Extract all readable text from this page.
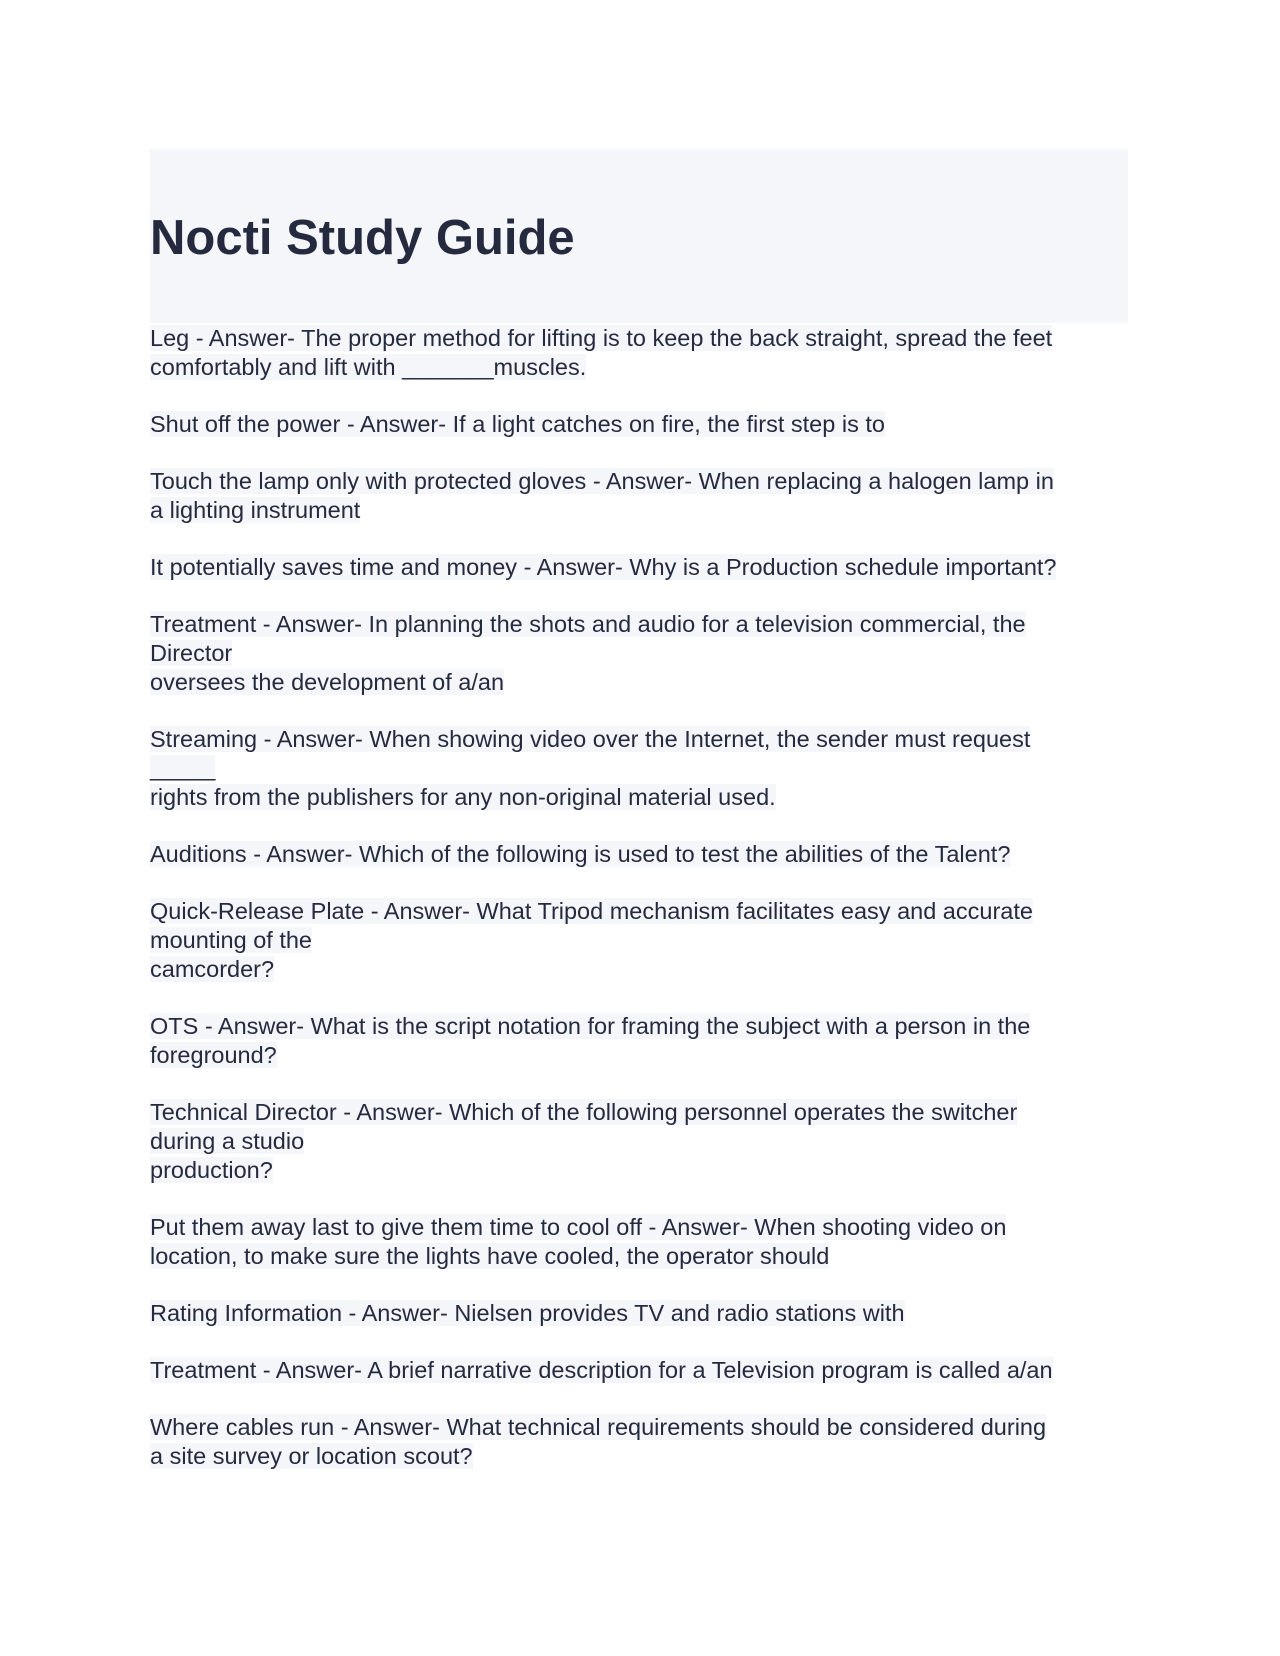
Nocti Study Guide
Leg - Answer- The proper method for lifting is to keep the back straight, spread the feet
comfortably and lift with _______muscles.
Shut off the power - Answer- If a light catches on fire, the first step is to
Touch the lamp only with protected gloves - Answer- When replacing a halogen lamp in
a lighting instrument
It potentially saves time and money - Answer- Why is a Production schedule important?
Treatment - Answer- In planning the shots and audio for a television commercial, the
Director
oversees the development of a/an
Streaming - Answer- When showing video over the Internet, the sender must request
_____
rights from the publishers for any non-original material used.
Auditions - Answer- Which of the following is used to test the abilities of the Talent?
Quick-Release Plate - Answer- What Tripod mechanism facilitates easy and accurate
mounting of the
camcorder?
OTS - Answer- What is the script notation for framing the subject with a person in the
foreground?
Technical Director - Answer- Which of the following personnel operates the switcher
during a studio
production?
Put them away last to give them time to cool off - Answer- When shooting video on
location, to make sure the lights have cooled, the operator should
Rating Information - Answer- Nielsen provides TV and radio stations with
Treatment - Answer- A brief narrative description for a Television program is called a/an
Where cables run - Answer- What technical requirements should be considered during
a site survey or location scout?
